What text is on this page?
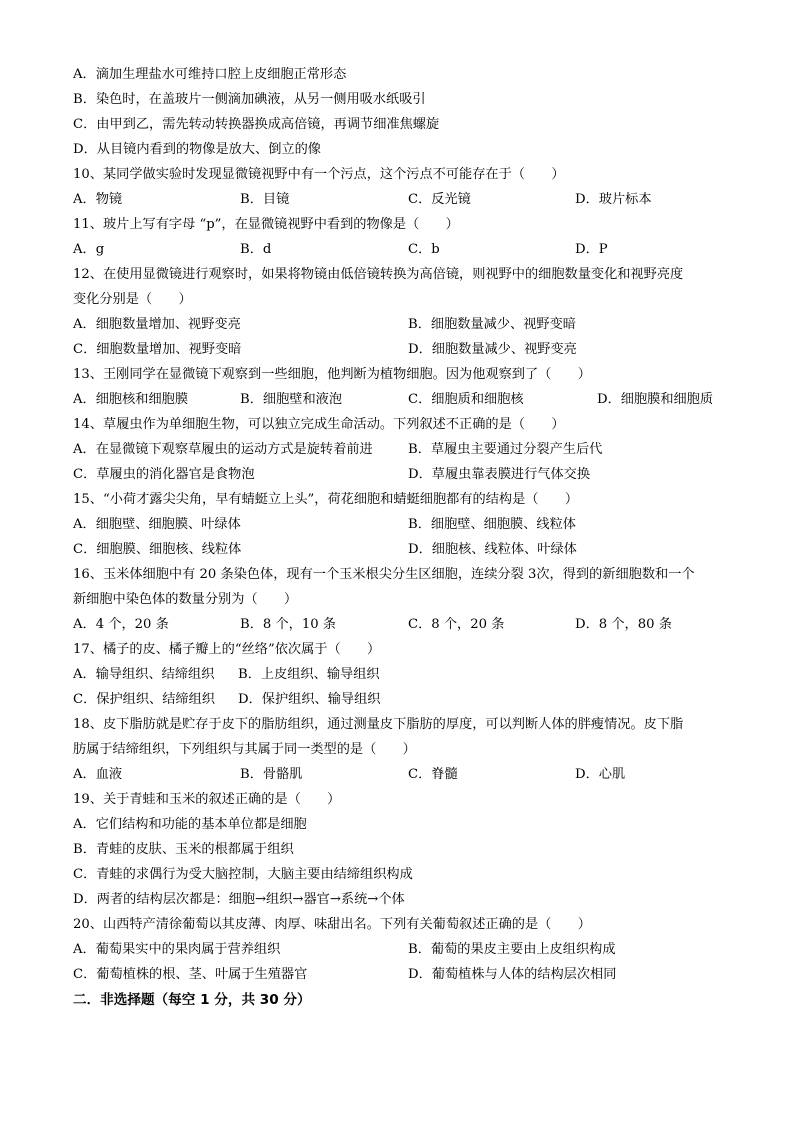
A．滴加生理盐水可维持口腔上皮细胞正常形态
B．染色时，在盖玻片一侧滴加碘液，从另一侧用吸水纸吸引
C．由甲到乙，需先转动转换器换成高倍镜，再调节细准焦螺旋
D．从目镜内看到的物像是放大、倒立的像
10、某同学做实验时发现显微镜视野中有一个污点，这个污点不可能存在于（　　）
A．物镜	B．目镜	C．反光镜	D．玻片标本
11、玻片上写有字母 “p”，在显微镜视野中看到的物像是（　　）
A．g	B．d	C．b	D．P
12、在使用显微镜进行观察时，如果将物镜由低倍镜转换为高倍镜，则视野中的细胞数量变化和视野亮度
变化分别是（　　）
A．细胞数量增加、视野变亮	B．细胞数量减少、视野变暗
C．细胞数量增加、视野变暗	D．细胞数量减少、视野变亮
13、王刚同学在显微镜下观察到一些细胞，他判断为植物细胞。因为他观察到了（　　）
A．细胞核和细胞膜	B．细胞壁和液泡	C．细胞质和细胞核	D．细胞膜和细胞质
14、草履虫作为单细胞生物，可以独立完成生命活动。下列叙述不正确的是（　　）
A．在显微镜下观察草履虫的运动方式是旋转着前进	B．草履虫主要通过分裂产生后代
C．草履虫的消化器官是食物泡	D．草履虫靠表膜进行气体交换
15、“小荷才露尖尖角，早有蜻蜓立上头”，荷花细胞和蜻蜓细胞都有的结构是（　　）
A．细胞壁、细胞膜、叶绿体	B．细胞壁、细胞膜、线粒体
C．细胞膜、细胞核、线粒体	D．细胞核、线粒体、叶绿体
16、玉米体细胞中有 20 条染色体，现有一个玉米根尖分生区细胞，连续分裂 3次，得到的新细胞数和一个
新细胞中染色体的数量分别为（　　）
A．4 个，20 条	B．8 个，10 条	C．8 个，20 条	D．8 个，80 条
17、橘子的皮、橘子瓣上的“丝络”依次属于（　　）
A．输导组织、结缔组织 B．上皮组织、输导组织
C．保护组织、结缔组织 D．保护组织、输导组织
18、皮下脂肪就是贮存于皮下的脂肪组织，通过测量皮下脂肪的厚度，可以判断人体的胖瘦情况。皮下脂
肪属于结缔组织，下列组织与其属于同一类型的是（　　）
A．血液	B．骨骼肌	C．脊髓	D．心肌
19、关于青蛙和玉米的叙述正确的是（　　）
A．它们结构和功能的基本单位都是细胞
B．青蛙的皮肤、玉米的根都属于组织
C．青蛙的求偶行为受大脑控制，大脑主要由结缔组织构成
D．两者的结构层次都是：细胞→组织→器官→系统→个体
20、山西特产清徐葡萄以其皮薄、肉厚、味甜出名。下列有关葡萄叙述正确的是（　　）
A．葡萄果实中的果肉属于营养组织	B．葡萄的果皮主要由上皮组织构成
C．葡萄植株的根、茎、叶属于生殖器官	D．葡萄植株与人体的结构层次相同
二．非选择题（每空 1 分，共 30 分）
